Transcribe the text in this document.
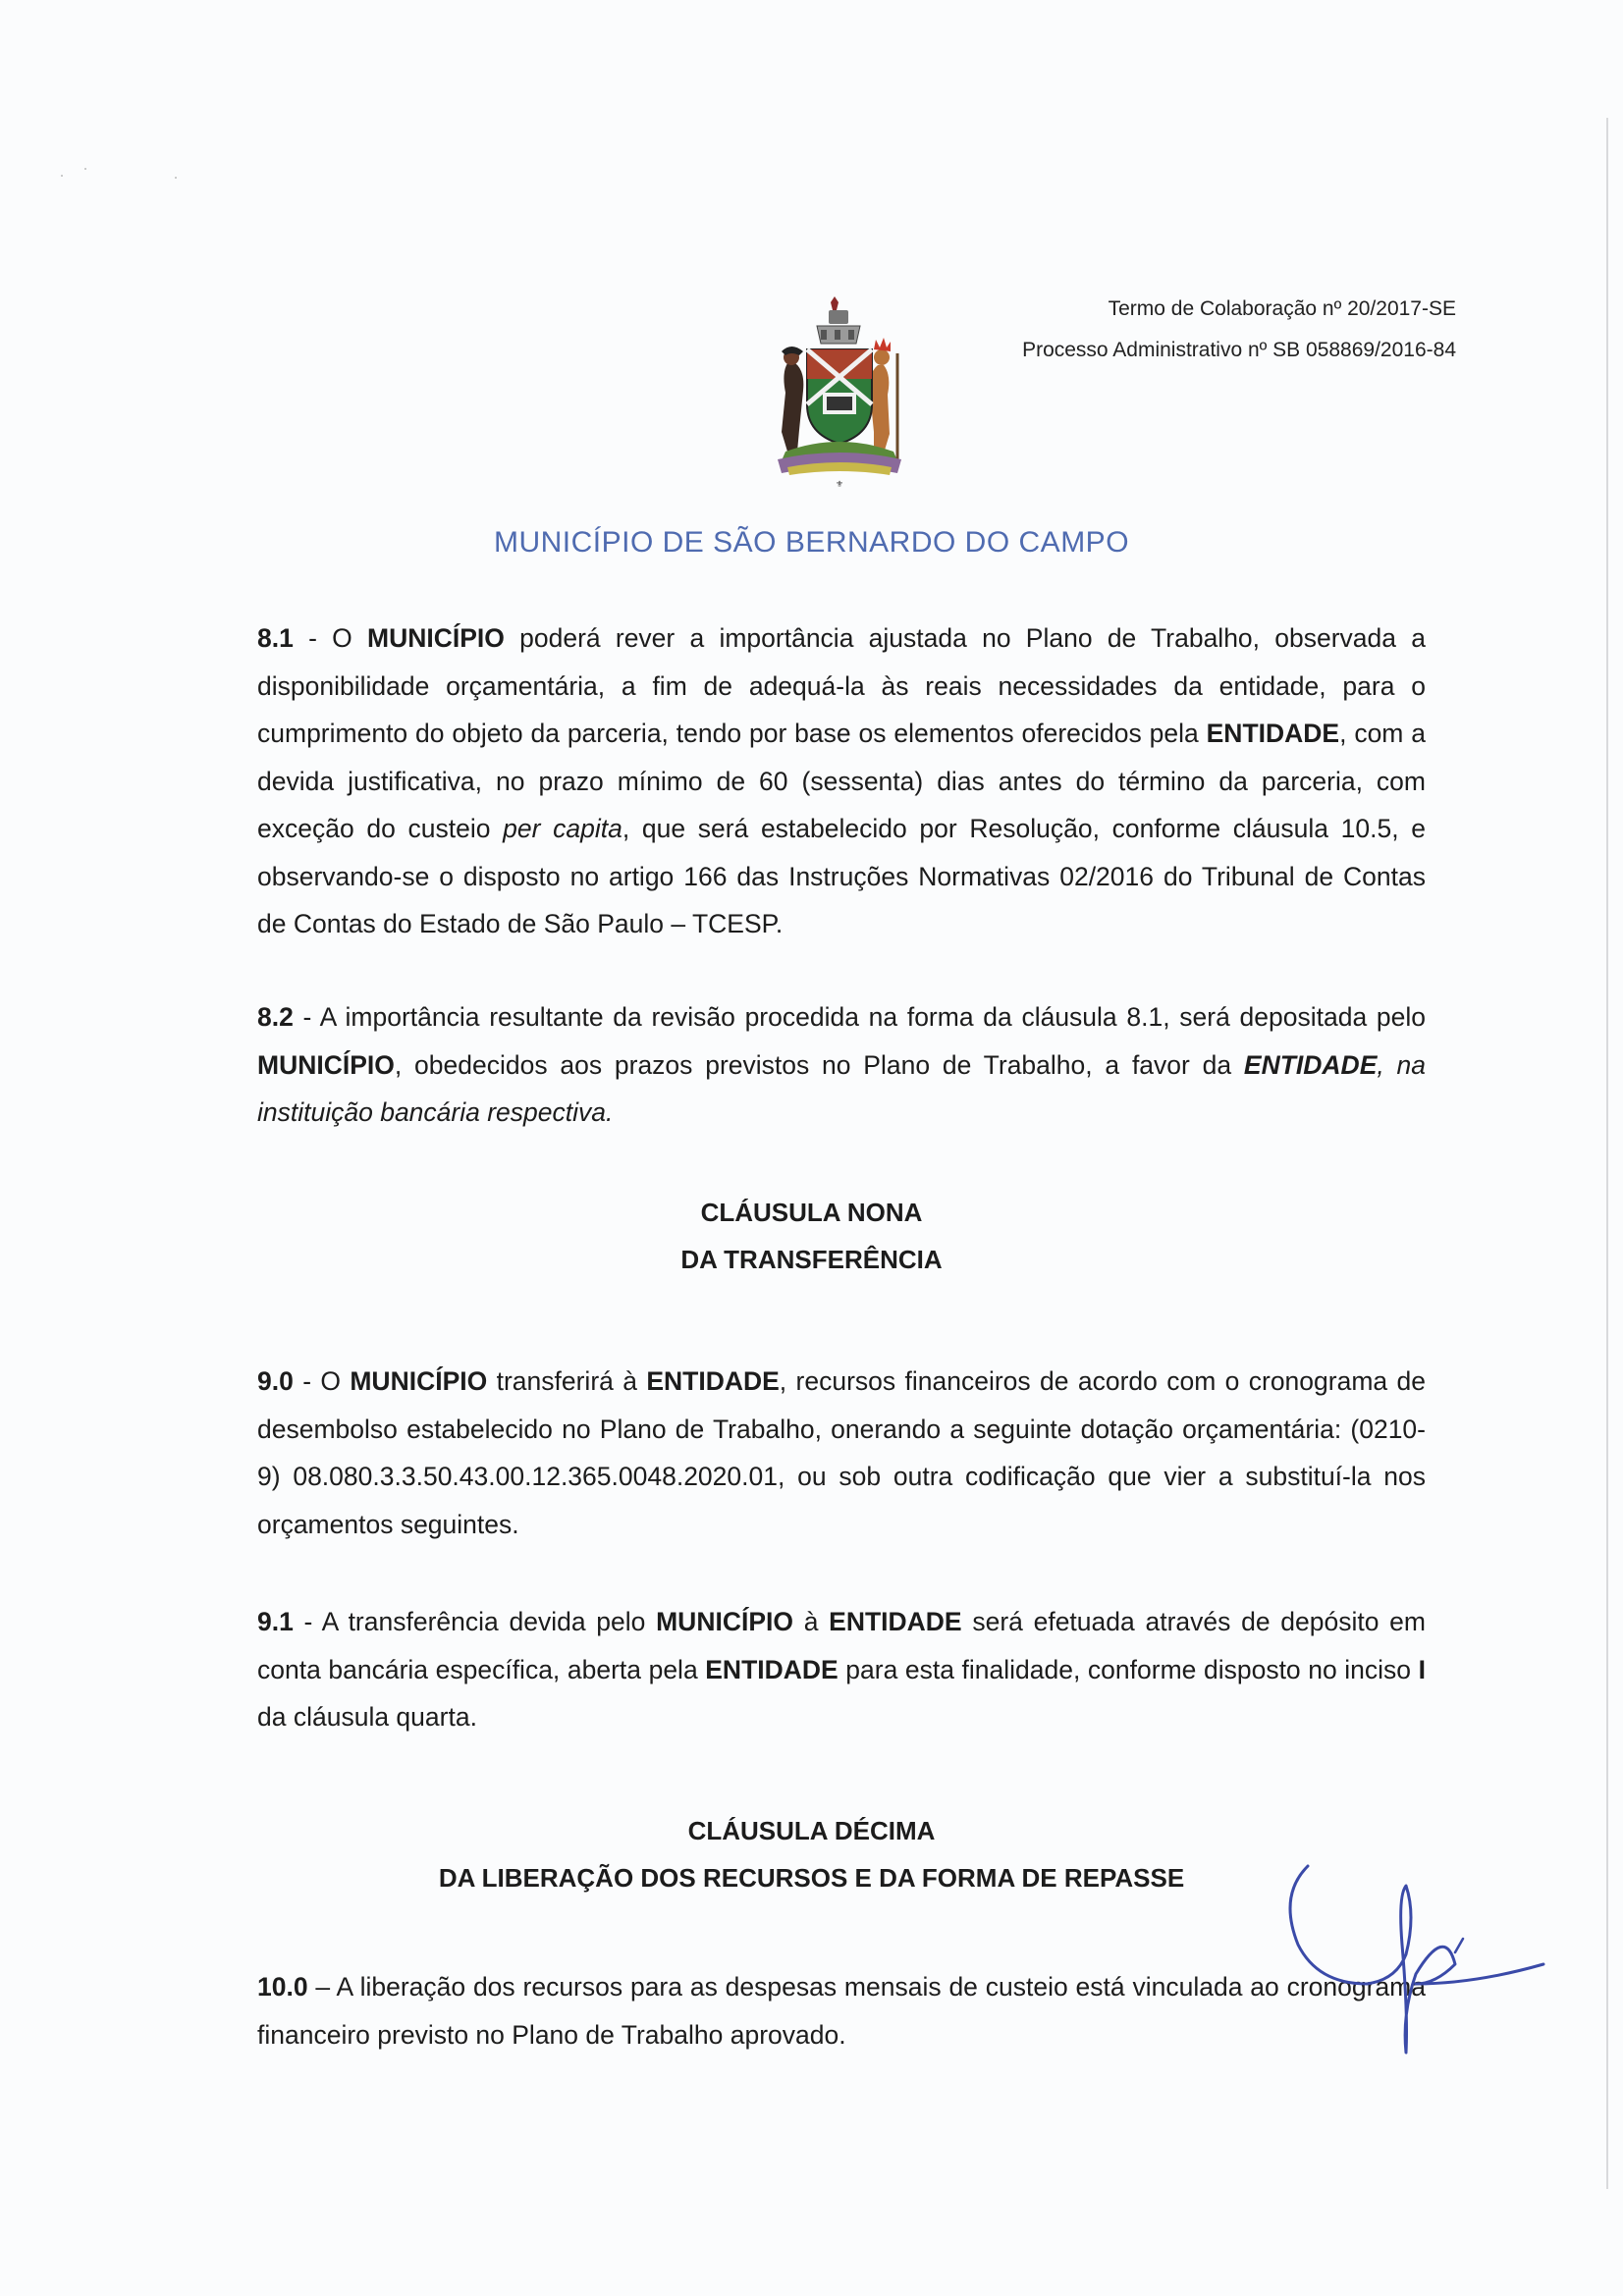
Termo de Colaboração nº 20/2017-SE
Processo Administrativo nº SB 058869/2016-84
⚜
MUNICÍPIO DE SÃO BERNARDO DO CAMPO

8.1 - O MUNICÍPIO poderá rever a importância ajustada no Plano de Trabalho, observada a disponibilidade orçamentária, a fim de adequá-la às reais necessidades da entidade, para o cumprimento do objeto da parceria, tendo por base os elementos oferecidos pela ENTIDADE, com a devida justificativa, no prazo mínimo de 60 (sessenta) dias antes do término da parceria, com exceção do custeio per capita, que será estabelecido por Resolução, conforme cláusula 10.5, e observando-se o disposto no artigo 166 das Instruções Normativas 02/2016 do Tribunal de Contas de Contas do Estado de São Paulo – TCESP.

8.2 - A importância resultante da revisão procedida na forma da cláusula 8.1, será depositada pelo MUNICÍPIO, obedecidos aos prazos previstos no Plano de Trabalho, a favor da ENTIDADE, na instituição bancária respectiva.

CLÁUSULA NONA
DA TRANSFERÊNCIA

9.0 - O MUNICÍPIO transferirá à ENTIDADE, recursos financeiros de acordo com o cronograma de desembolso estabelecido no Plano de Trabalho, onerando a seguinte dotação orçamentária: (0210-9) 08.080.3.3.50.43.00.12.365.0048.2020.01, ou sob outra codificação que vier a substituí-la nos orçamentos seguintes.

9.1 - A transferência devida pelo MUNICÍPIO à ENTIDADE será efetuada através de depósito em conta bancária específica, aberta pela ENTIDADE para esta finalidade, conforme disposto no inciso I da cláusula quarta.

CLÁUSULA DÉCIMA
DA LIBERAÇÃO DOS RECURSOS E DA FORMA DE REPASSE

10.0 – A liberação dos recursos para as despesas mensais de custeio está vinculada ao cronograma financeiro previsto no Plano de Trabalho aprovado.
